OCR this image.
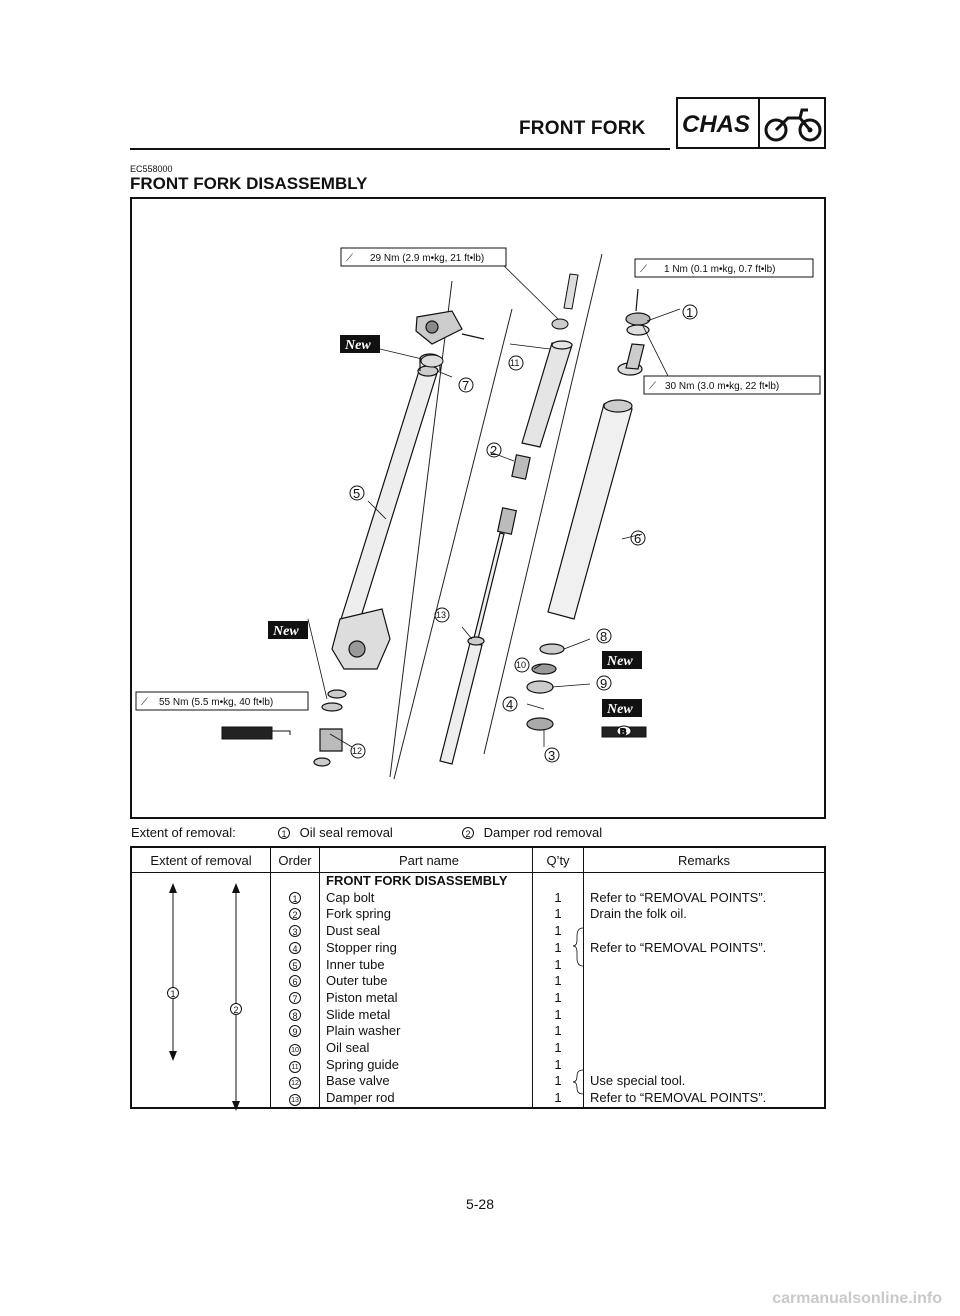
FRONT FORK CHAS
EC558000
FRONT FORK DISASSEMBLY
B
1
2
3
4
5
6
7
8
9
10
11
12
13
New
New
New
New
⟋ 29 Nm (2.9 m•kg, 21 ft•lb)
⟋ 1 Nm (0.1 m•kg, 0.7 ft•lb)
⟋ 30 Nm (3.0 m•kg, 22 ft•lb)
⟋ 55 Nm (5.5 m•kg, 40 ft•lb)
Extent of removal:	1 Oil seal removal	2 Damper rod removal
Extent of removal	Order	Part name	Q’ty	Remarks

1
2		FRONT FORK DISASSEMBLY		
	1	Cap bolt	1	Refer to “REMOVAL POINTS”.
	2	Fork spring	1	Drain the folk oil.
	3	Dust seal	1	
	4	Stopper ring	1	Refer to “REMOVAL POINTS”.
	5	Inner tube	1	
	6	Outer tube	1	
	7	Piston metal	1	
	8	Slide metal	1	
	9	Plain washer	1	
	10	Oil seal	1	
	11	Spring guide	1	
	12	Base valve	1	Use special tool.
	13	Damper rod	1	Refer to “REMOVAL POINTS”.
5-28
carmanualsonline.info
